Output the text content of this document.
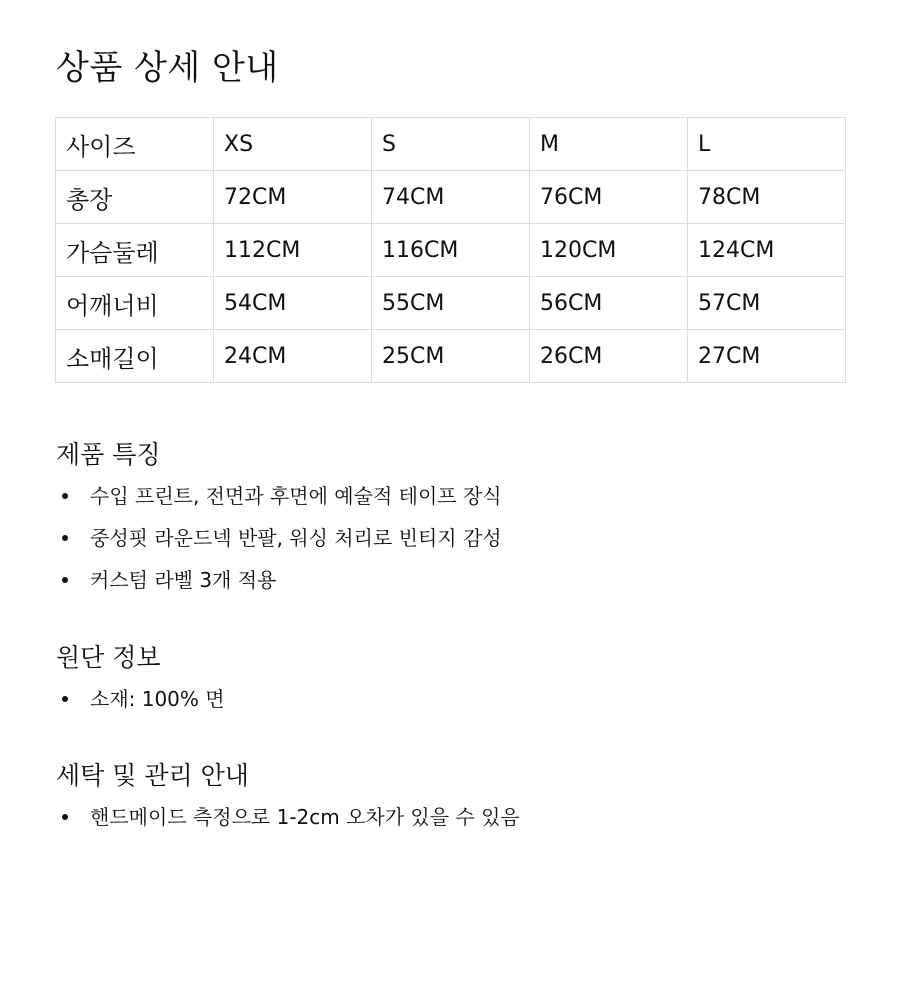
상품 상세 안내
사이즈	XS	S	M	L
총장	72CM	74CM	76CM	78CM
가슴둘레	112CM	116CM	120CM	124CM
어깨너비	54CM	55CM	56CM	57CM
소매길이	24CM	25CM	26CM	27CM
제품 특징
수입 프린트, 전면과 후면에 예술적 테이프 장식
중성핏 라운드넥 반팔, 워싱 처리로 빈티지 감성
커스텀 라벨 3개 적용
원단 정보
소재: 100% 면
세탁 및 관리 안내
핸드메이드 측정으로 1-2cm 오차가 있을 수 있음
